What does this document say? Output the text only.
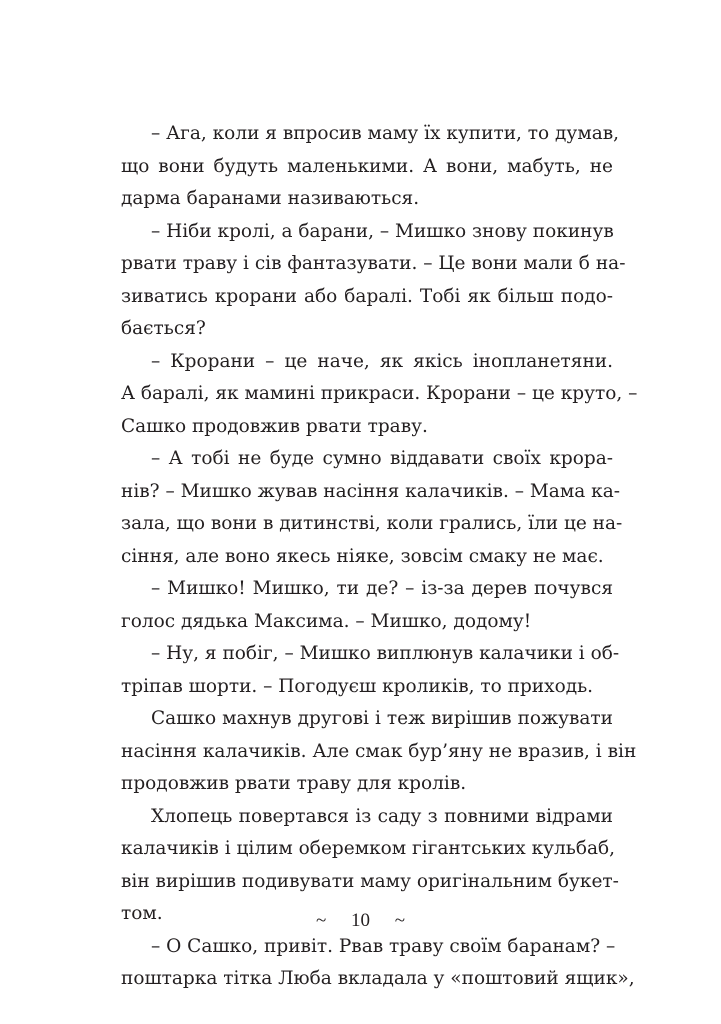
– Ага, коли я впросив маму їх купити, то думав,
що вони будуть маленькими. А вони, мабуть, не
дарма баранами називаються.
– Ніби кролі, а барани, – Мишко знову покинув
рвати траву і сів фантазувати. – Це вони мали б на-
зиватись крорани або баралі. Тобі як більш подо-
бається?
– Крорани – це наче, як якісь інопланетяни.
А баралі, як мамині прикраси. Крорани – це круто, –
Сашко продовжив рвати траву.
– А тобі не буде сумно віддавати своїх крора-
нів? – Мишко жував насіння калачиків. – Мама ка-
зала, що вони в дитинстві, коли грались, їли це на-
сіння, але воно якесь ніяке, зовсім смаку не має.
– Мишко! Мишко, ти де? – із-за дерев почувся
голос дядька Максима. – Мишко, додому!
– Ну, я побіг, – Мишко виплюнув калачики і об-
тріпав шорти. – Погодуєш кроликів, то приходь.
Сашко махнув другові і теж вирішив пожувати
насіння калачиків. Але смак бур’яну не вразив, і він
продовжив рвати траву для кролів.
Хлопець повертався із саду з повними відрами
калачиків і цілим оберемком гігантських кульбаб,
він вирішив подивувати маму оригінальним букет-
том.
– О Сашко, привіт. Рвав траву своїм баранам? –
поштарка тітка Люба вкладала у «поштовий ящик»,
~ 10 ~
